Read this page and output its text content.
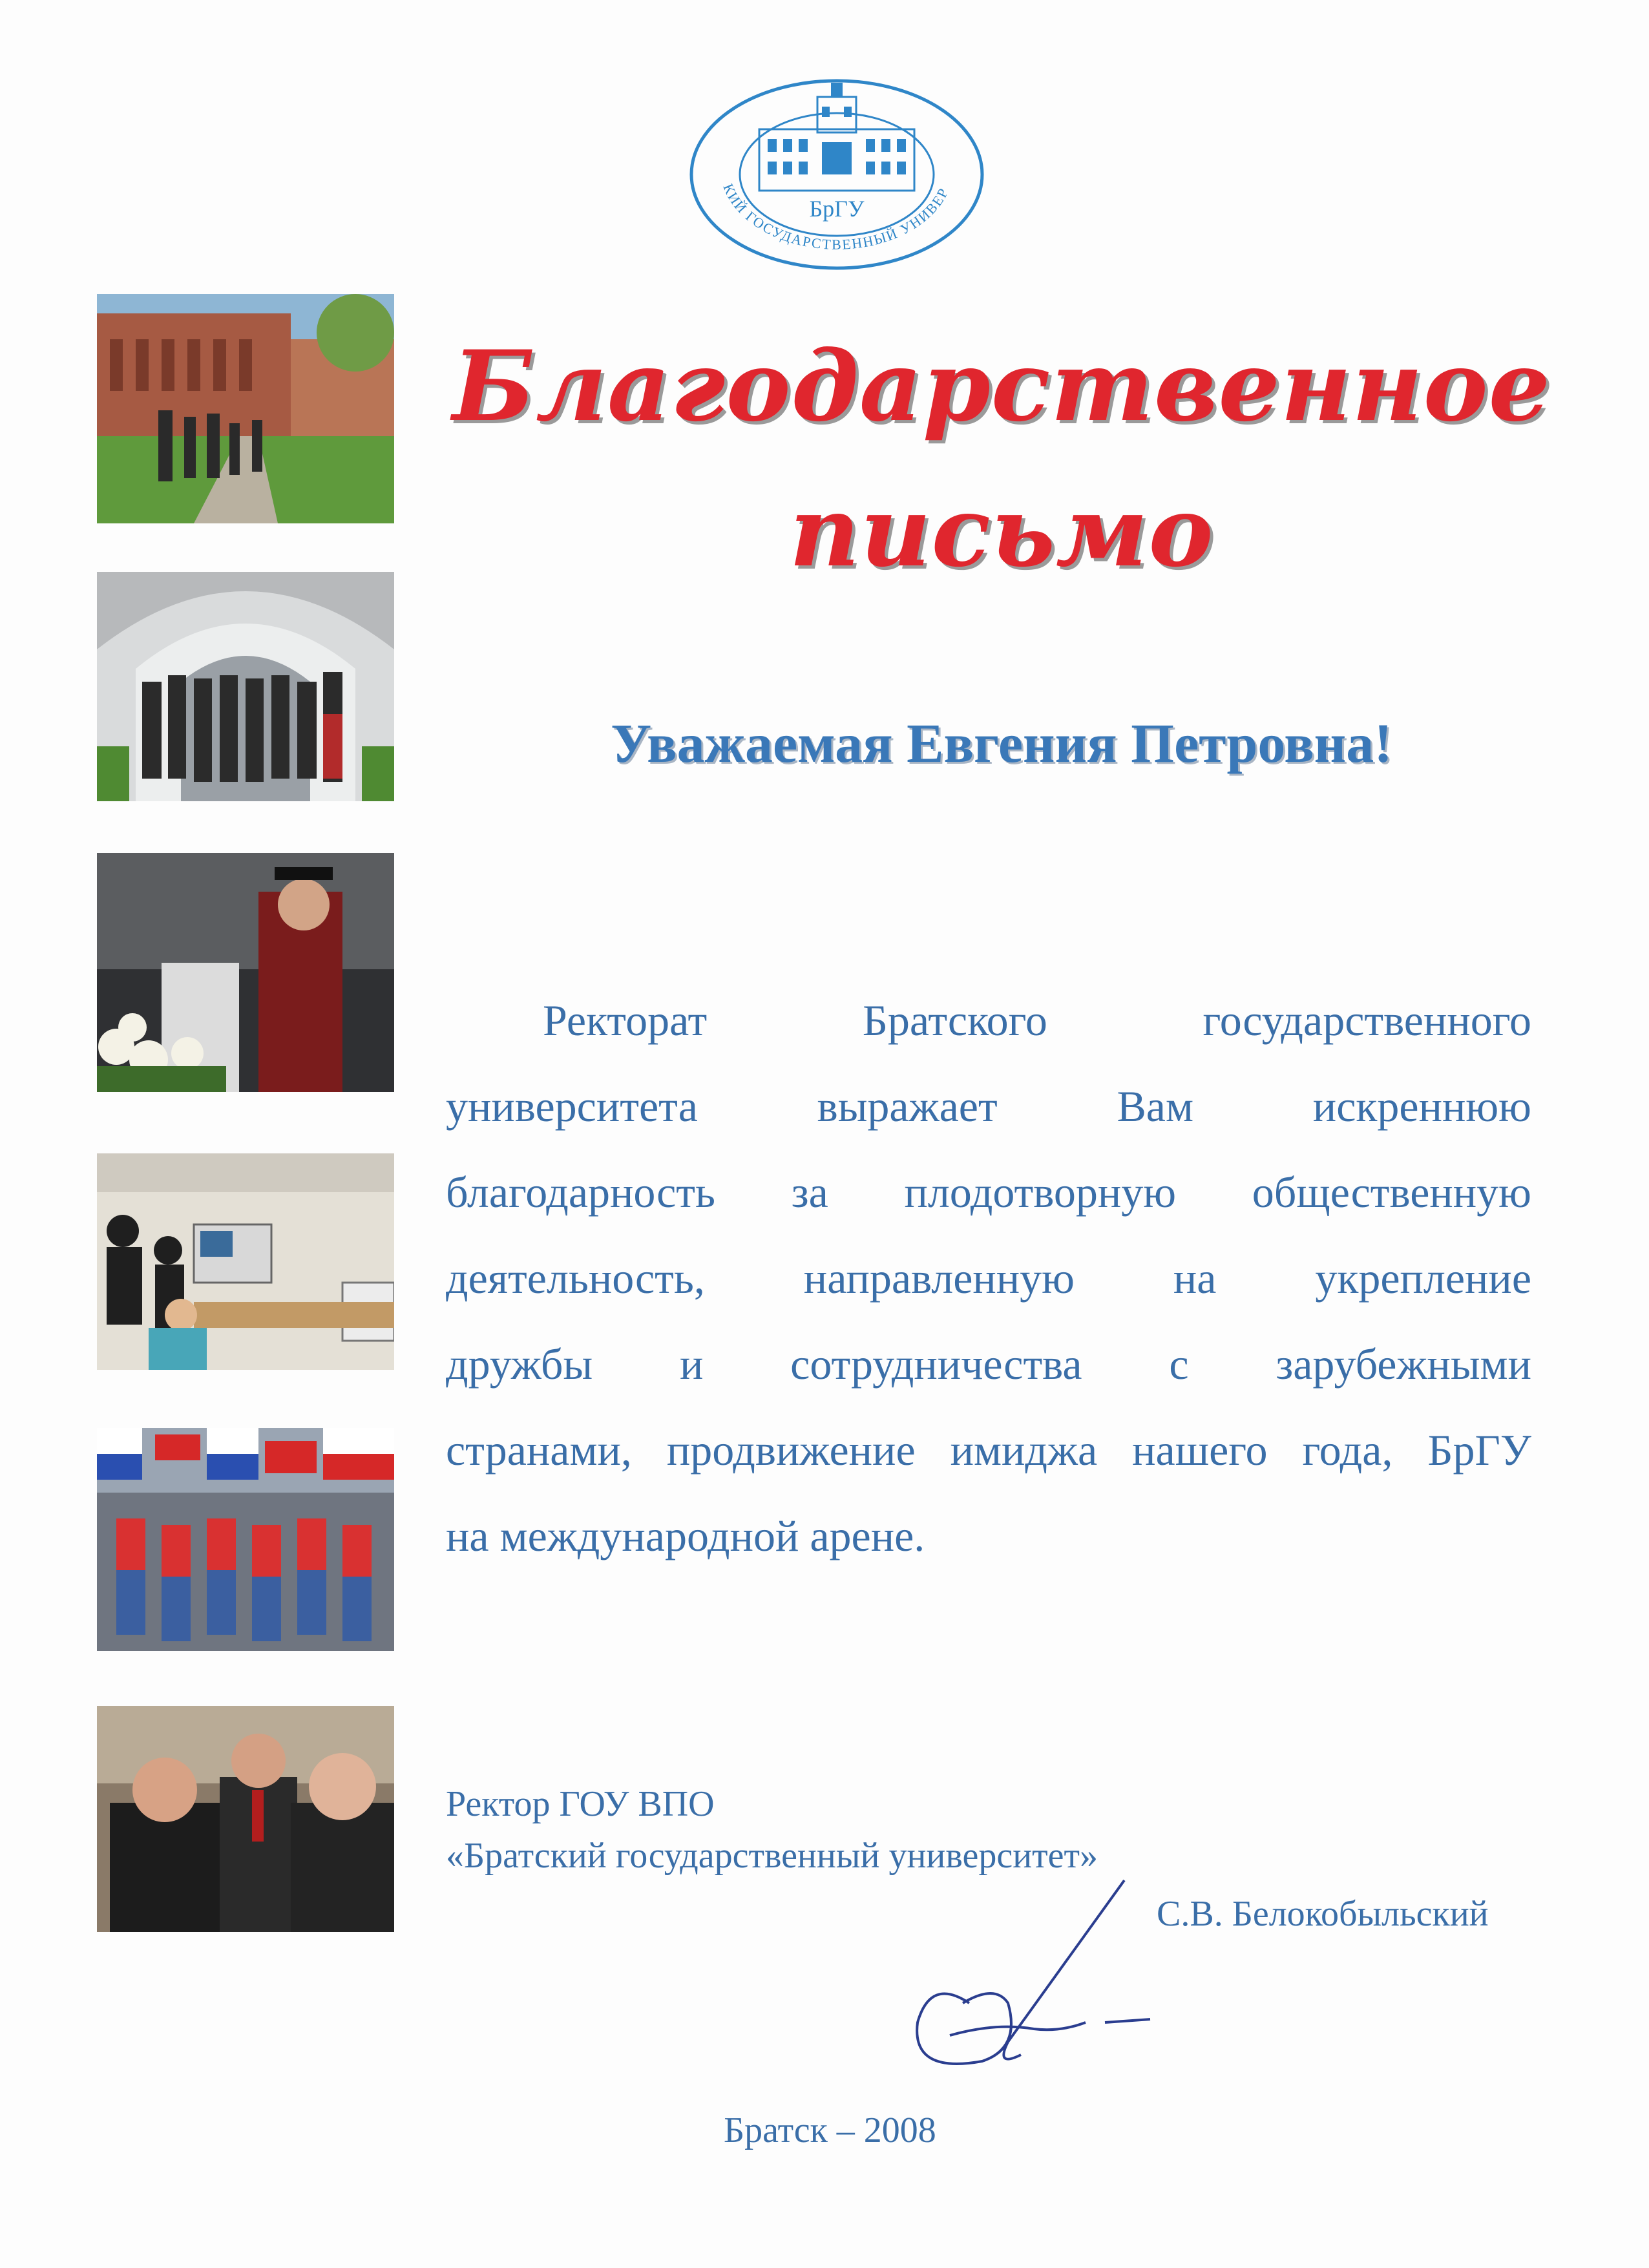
БрГУ
КИЙ ГОСУДАРСТВЕННЫЙ УНИВЕР
Благодарственное
письмо
Уважаемая Евгения Петровна!
Ректорат	Братского	государственного
университета	выражает	Вам	искреннюю
благодарность за плодотворную общественную
деятельность, направленную на укрепление
дружбы и сотрудничества с зарубежными
странами, продвижение имиджа нашего года, БрГУ
на международной арене.
Ректор ГОУ ВПО
«Братский государственный университет»
С.В. Белокобыльский
Братск – 2008
